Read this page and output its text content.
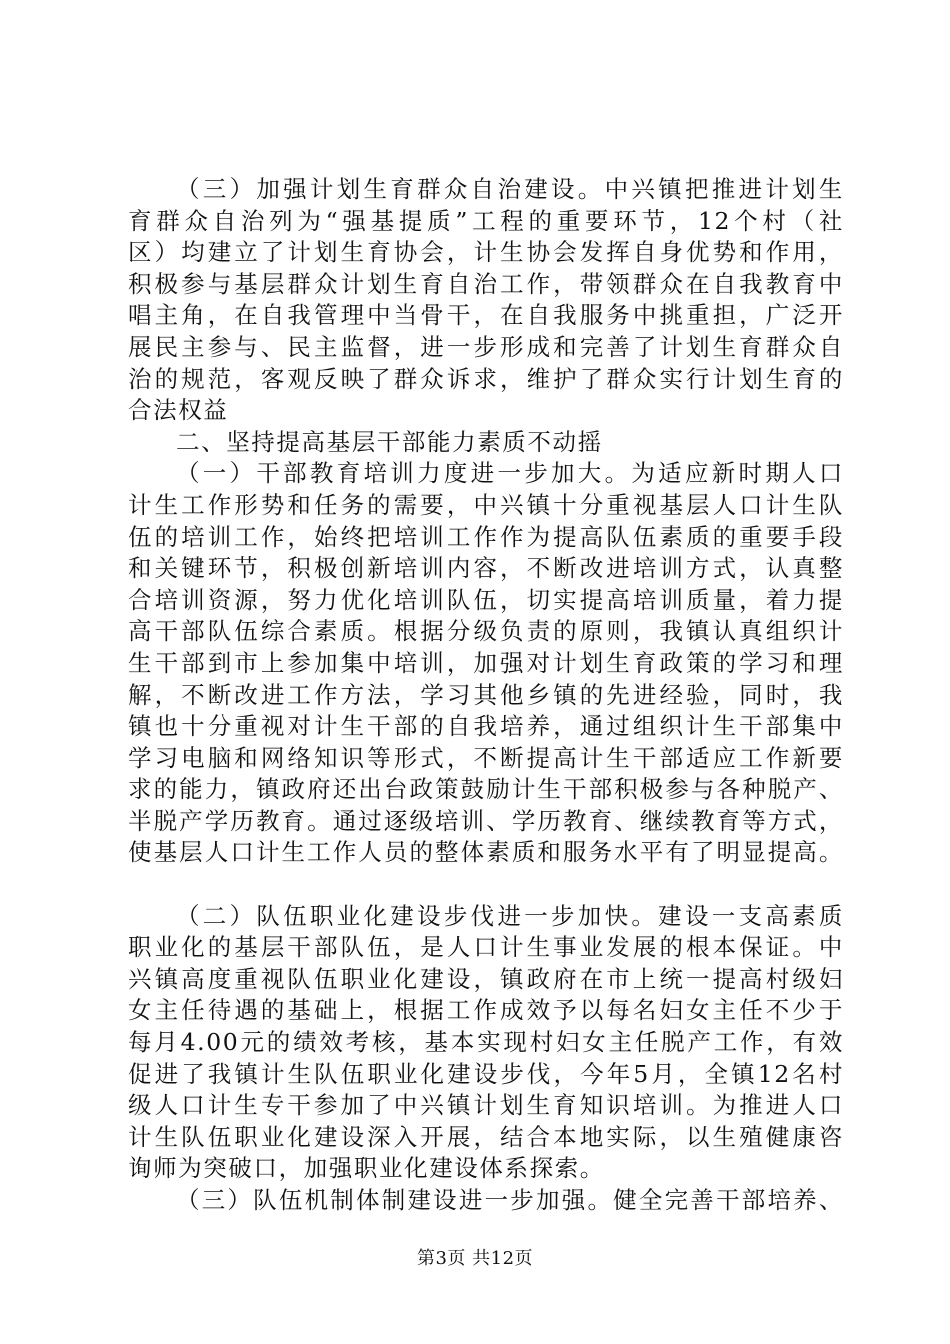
（三）加强计划生育群众自治建设。中兴镇把推进计划生
育群众自治列为“强基提质”工程的重要环节，12个村（社
区）均建立了计划生育协会，计生协会发挥自身优势和作用，
积极参与基层群众计划生育自治工作，带领群众在自我教育中
唱主角，在自我管理中当骨干，在自我服务中挑重担，广泛开
展民主参与、民主监督，进一步形成和完善了计划生育群众自
治的规范，客观反映了群众诉求，维护了群众实行计划生育的
合法权益
二、坚持提高基层干部能力素质不动摇
（一）干部教育培训力度进一步加大。为适应新时期人口
计生工作形势和任务的需要，中兴镇十分重视基层人口计生队
伍的培训工作，始终把培训工作作为提高队伍素质的重要手段
和关键环节，积极创新培训内容，不断改进培训方式，认真整
合培训资源，努力优化培训队伍，切实提高培训质量，着力提
高干部队伍综合素质。根据分级负责的原则，我镇认真组织计
生干部到市上参加集中培训，加强对计划生育政策的学习和理
解，不断改进工作方法，学习其他乡镇的先进经验，同时，我
镇也十分重视对计生干部的自我培养，通过组织计生干部集中
学习电脑和网络知识等形式，不断提高计生干部适应工作新要
求的能力，镇政府还出台政策鼓励计生干部积极参与各种脱产、
半脱产学历教育。通过逐级培训、学历教育、继续教育等方式，
使基层人口计生工作人员的整体素质和服务水平有了明显提高。
（二）队伍职业化建设步伐进一步加快。建设一支高素质
职业化的基层干部队伍，是人口计生事业发展的根本保证。中
兴镇高度重视队伍职业化建设，镇政府在市上统一提高村级妇
女主任待遇的基础上，根据工作成效予以每名妇女主任不少于
每月4.00元的绩效考核，基本实现村妇女主任脱产工作，有效
促进了我镇计生队伍职业化建设步伐，今年5月，全镇12名村
级人口计生专干参加了中兴镇计划生育知识培训。为推进人口
计生队伍职业化建设深入开展，结合本地实际，以生殖健康咨
询师为突破口，加强职业化建设体系探索。
（三）队伍机制体制建设进一步加强。健全完善干部培养、
第3页 共12页
